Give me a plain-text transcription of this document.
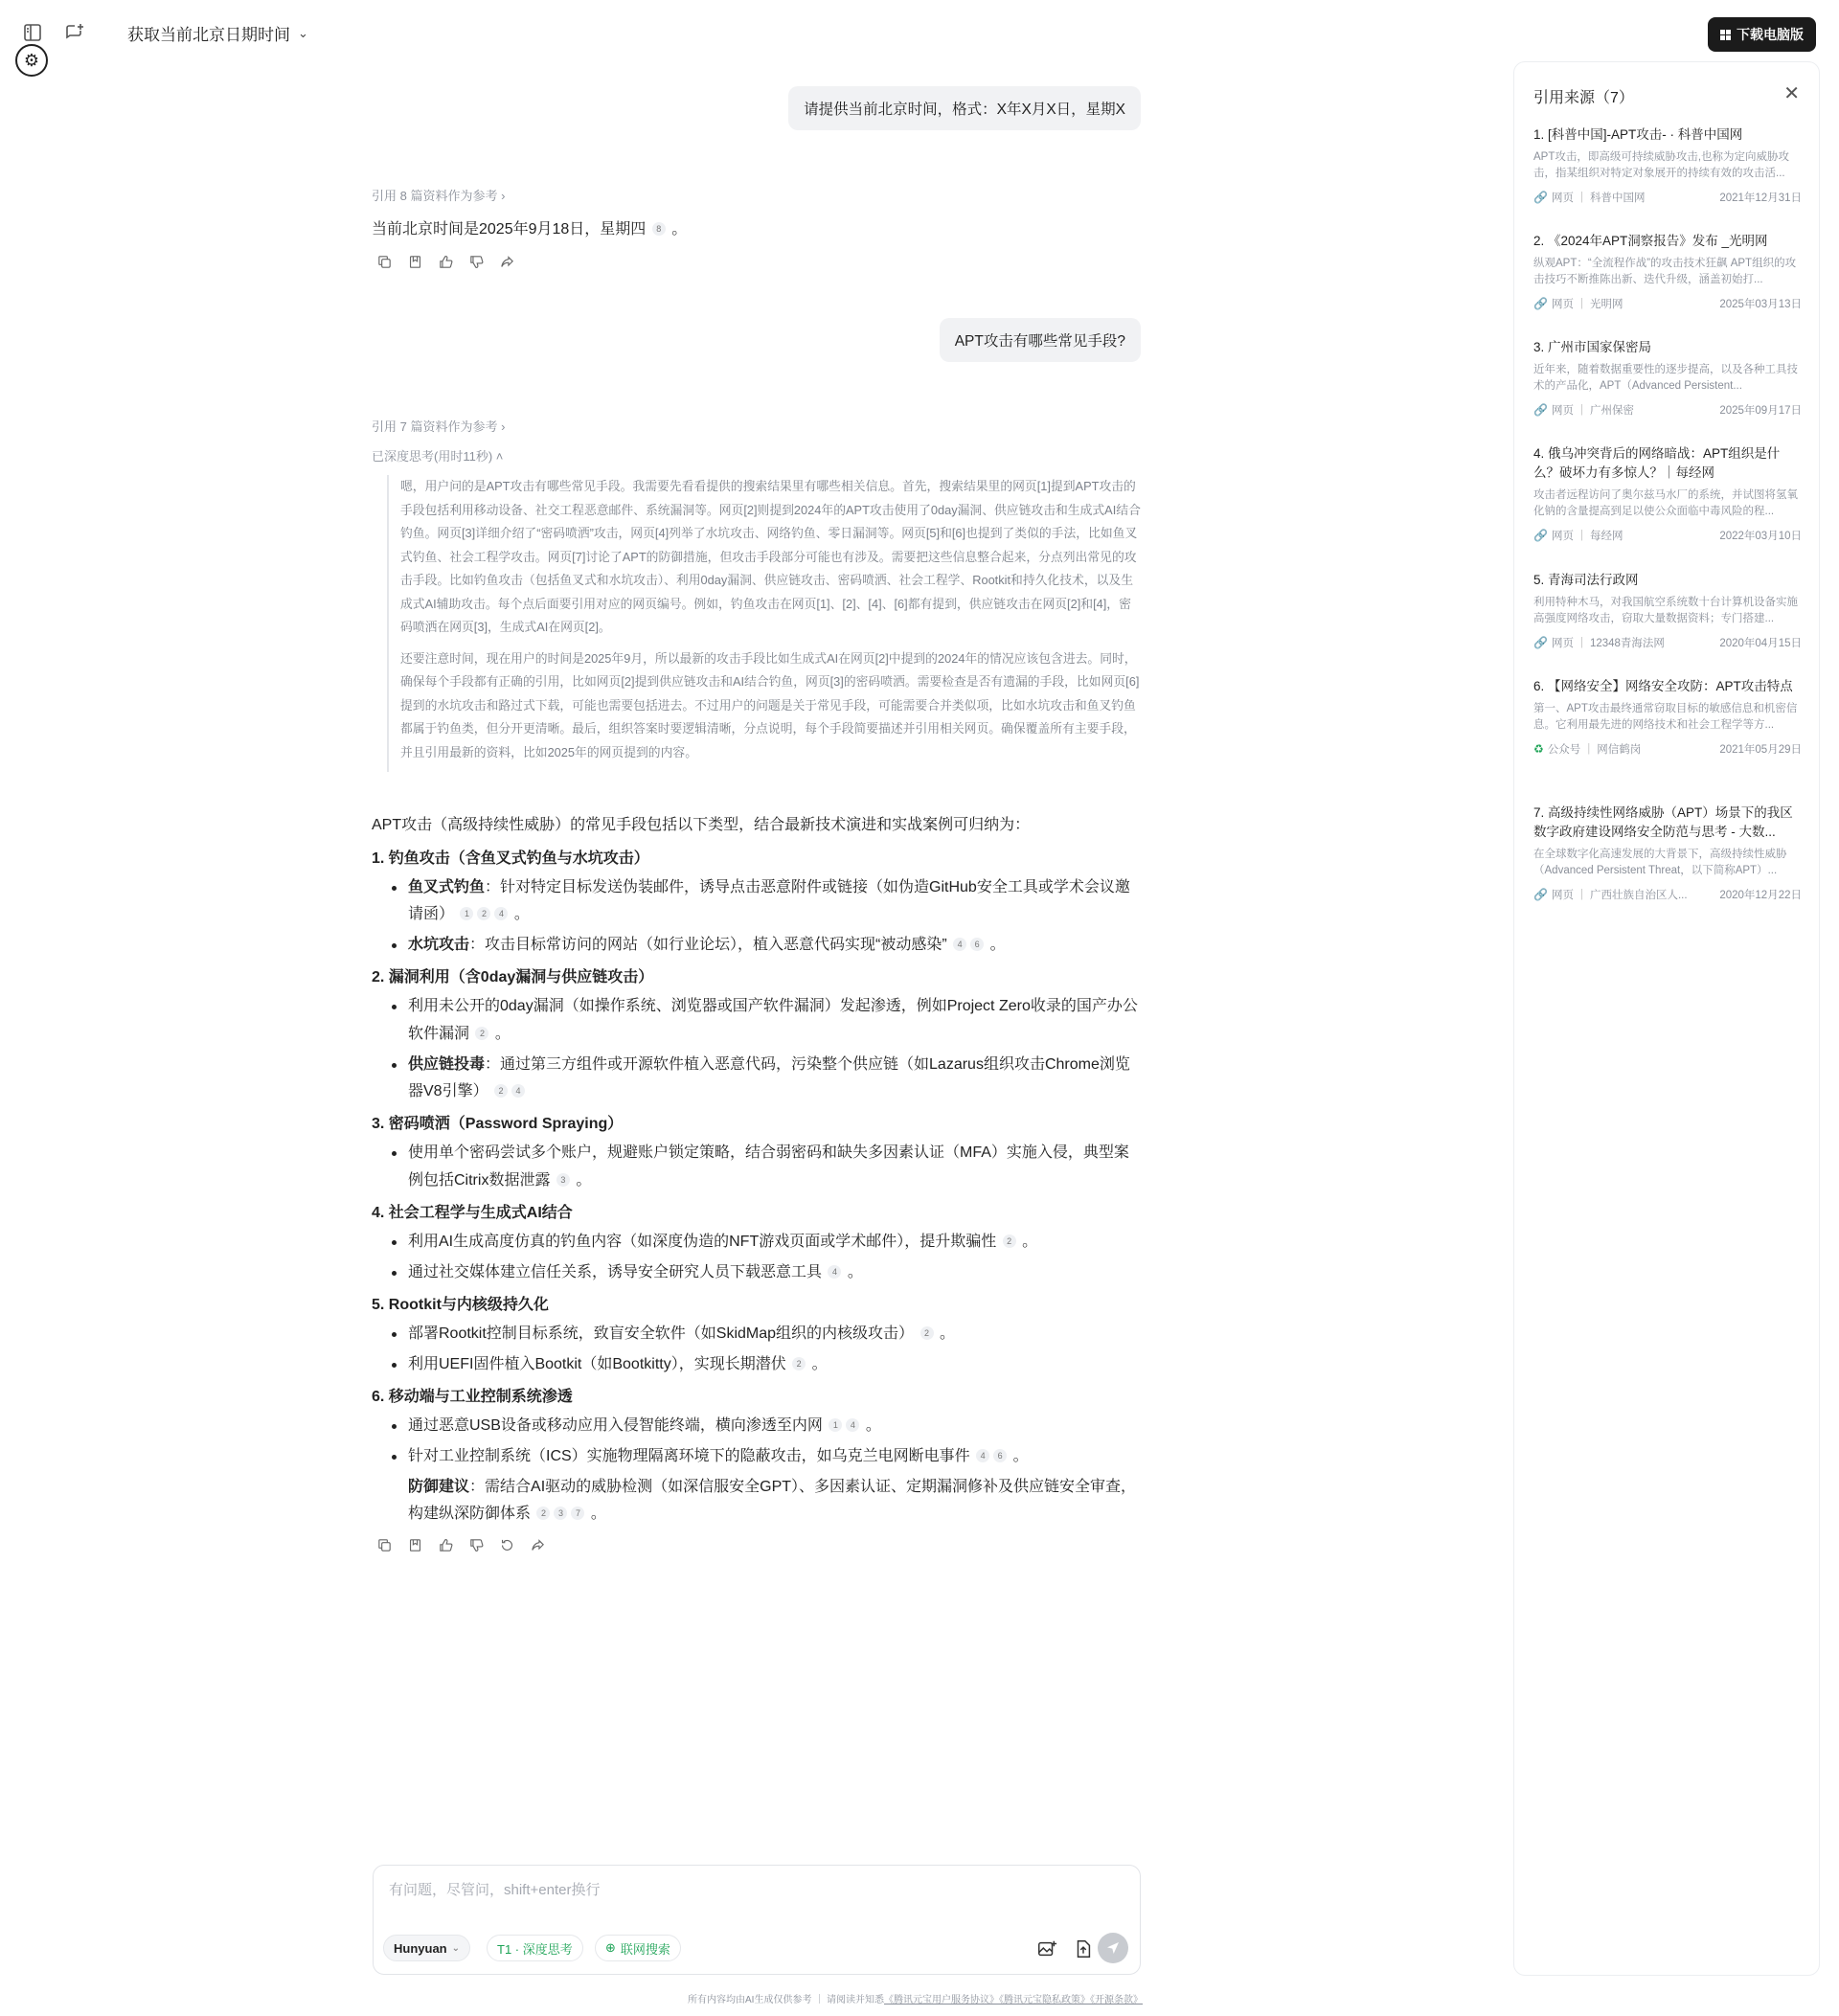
获取当前北京日期时间 ⌄
⚙
下载电脑版
请提供当前北京时间，格式：X年X月X日，星期X
引用 8 篇资料作为参考 ›
当前北京时间是2025年9月18日，星期四 8 。
APT攻击有哪些常见手段?
引用 7 篇资料作为参考 ›
已深度思考(用时11秒) ˄

嗯，用户问的是APT攻击有哪些常见手段。我需要先看看提供的搜索结果里有哪些相关信息。首先，搜索结果里的网页[1]提到APT攻击的手段包括利用移动设备、社交工程恶意邮件、系统漏洞等。网页[2]则提到2024年的APT攻击使用了0day漏洞、供应链攻击和生成式AI结合钓鱼。网页[3]详细介绍了“密码喷洒”攻击，网页[4]列举了水坑攻击、网络钓鱼、零日漏洞等。网页[5]和[6]也提到了类似的手法，比如鱼叉式钓鱼、社会工程学攻击。网页[7]讨论了APT的防御措施，但攻击手段部分可能也有涉及。需要把这些信息整合起来，分点列出常见的攻击手段。比如钓鱼攻击（包括鱼叉式和水坑攻击）、利用0day漏洞、供应链攻击、密码喷洒、社会工程学、Rootkit和持久化技术，以及生成式AI辅助攻击。每个点后面要引用对应的网页编号。例如，钓鱼攻击在网页[1]、[2]、[4]、[6]都有提到，供应链攻击在网页[2]和[4]，密码喷洒在网页[3]，生成式AI在网页[2]。

还要注意时间，现在用户的时间是2025年9月，所以最新的攻击手段比如生成式AI在网页[2]中提到的2024年的情况应该包含进去。同时，确保每个手段都有正确的引用，比如网页[2]提到供应链攻击和AI结合钓鱼，网页[3]的密码喷洒。需要检查是否有遗漏的手段，比如网页[6]提到的水坑攻击和路过式下载，可能也需要包括进去。不过用户的问题是关于常见手段，可能需要合并类似项，比如水坑攻击和鱼叉钓鱼都属于钓鱼类，但分开更清晰。最后，组织答案时要逻辑清晰，分点说明，每个手段简要描述并引用相关网页。确保覆盖所有主要手段，并且引用最新的资料，比如2025年的网页提到的内容。

APT攻击（高级持续性威胁）的常见手段包括以下类型，结合最新技术演进和实战案例可归纳为：
1. 钓鱼攻击（含鱼叉式钓鱼与水坑攻击）
鱼叉式钓鱼：针对特定目标发送伪装邮件，诱导点击恶意附件或链接（如伪造GitHub安全工具或学术会议邀请函） 1 2 4 。
水坑攻击：攻击目标常访问的网站（如行业论坛），植入恶意代码实现“被动感染” 4 6 。
2. 漏洞利用（含0day漏洞与供应链攻击）
利用未公开的0day漏洞（如操作系统、浏览器或国产软件漏洞）发起渗透，例如Project Zero收录的国产办公软件漏洞 2 。
供应链投毒：通过第三方组件或开源软件植入恶意代码，污染整个供应链（如Lazarus组织攻击Chrome浏览器V8引擎） 2 4
3. 密码喷洒（Password Spraying）
使用单个密码尝试多个账户，规避账户锁定策略，结合弱密码和缺失多因素认证（MFA）实施入侵，典型案例包括Citrix数据泄露 3 。
4. 社会工程学与生成式AI结合
利用AI生成高度仿真的钓鱼内容（如深度伪造的NFT游戏页面或学术邮件），提升欺骗性 2 。
通过社交媒体建立信任关系，诱导安全研究人员下载恶意工具 4 。
5. Rootkit与内核级持久化
部署Rootkit控制目标系统，致盲安全软件（如SkidMap组织的内核级攻击） 2 。
利用UEFI固件植入Bootkit（如Bootkitty），实现长期潜伏 2 。
6. 移动端与工业控制系统渗透
通过恶意USB设备或移动应用入侵智能终端，横向渗透至内网 1 4 。
针对工业控制系统（ICS）实施物理隔离环境下的隐蔽攻击，如乌克兰电网断电事件 4 6 。
防御建议：需结合AI驱动的威胁检测（如深信服安全GPT）、多因素认证、定期漏洞修补及供应链安全审查，构建纵深防御体系 2 3 7 。
有问题，尽管问，shift+enter换行
Hunyuan ⌄	T1 · 深度思考	⊕ 联网搜索
所有内容均由AI生成仅供参考 ｜ 请阅读并知悉《腾讯元宝用户服务协议》《腾讯元宝隐私政策》《开源条款》
引用来源（7）	✕
1. [科普中国]-APT攻击- · 科普中国网
APT攻击，即高级可持续威胁攻击,也称为定向威胁攻击，指某组织对特定对象展开的持续有效的攻击活...
🔗 网页 | 科普中国网	2021年12月31日
2. 《2024年APT洞察报告》发布 _光明网
纵观APT：“全流程作战”的攻击技术狂飙 APT组织的攻击技巧不断推陈出新、迭代升级，涵盖初始打...
🔗 网页 | 光明网	2025年03月13日
3. 广州市国家保密局
近年来，随着数据重要性的逐步提高，以及各种工具技术的产品化，APT（Advanced Persistent...
🔗 网页 | 广州保密	2025年09月17日
4. 俄乌冲突背后的网络暗战：APT组织是什么？破坏力有多惊人？｜每经网
攻击者远程访问了奥尔兹马水厂的系统，并试图将氢氧化钠的含量提高到足以使公众面临中毒风险的程...
🔗 网页 | 每经网	2022年03月10日
5. 青海司法行政网
利用特种木马，对我国航空系统数十台计算机设备实施高强度网络攻击，窃取大量数据资料；专门搭建...
🔗 网页 | 12348青海法网	2020年04月15日
6. 【网络安全】网络安全攻防：APT攻击特点
第一、APT攻击最终通常窃取目标的敏感信息和机密信息。它利用最先进的网络技术和社会工程学等方...
♻ 公众号 | 网信鹤岗	2021年05月29日
7. 高级持续性网络威胁（APT）场景下的我区数字政府建设网络安全防范与思考 - 大数...
在全球数字化高速发展的大背景下，高级持续性威胁（Advanced Persistent Threat，以下简称APT）...
🔗 网页 | 广西壮族自治区人...	2020年12月22日
